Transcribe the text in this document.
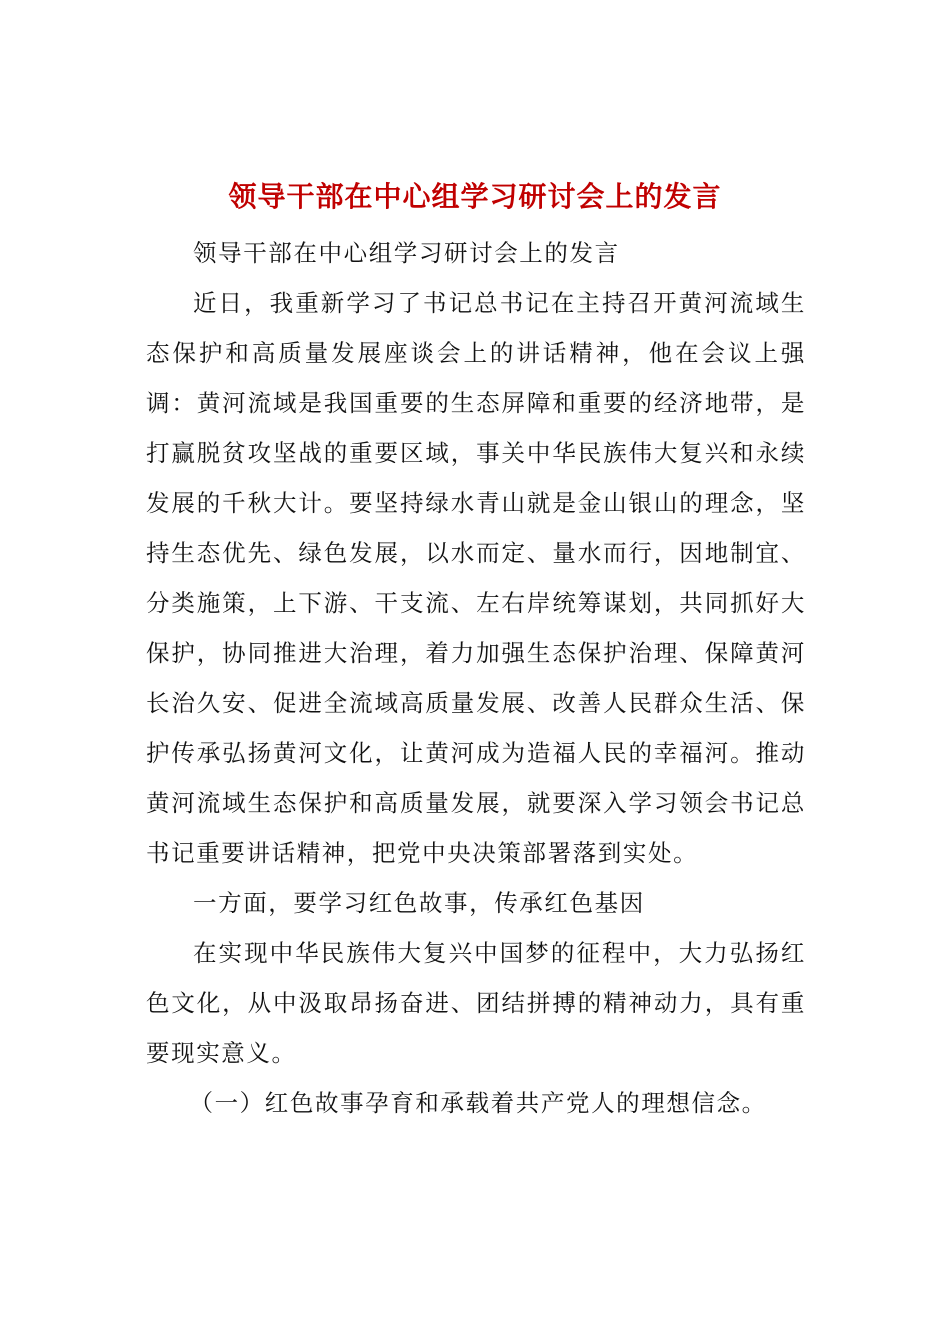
领导干部在中心组学习研讨会上的发言

领导干部在中心组学习研讨会上的发言

近日，我重新学习了书记总书记在主持召开黄河流域生态保护和高质量发展座谈会上的讲话精神，他在会议上强调：黄河流域是我国重要的生态屏障和重要的经济地带，是打赢脱贫攻坚战的重要区域，事关中华民族伟大复兴和永续发展的千秋大计。要坚持绿水青山就是金山银山的理念，坚持生态优先、绿色发展，以水而定、量水而行，因地制宜、分类施策，上下游、干支流、左右岸统筹谋划，共同抓好大保护，协同推进大治理，着力加强生态保护治理、保障黄河长治久安、促进全流域高质量发展、改善人民群众生活、保护传承弘扬黄河文化，让黄河成为造福人民的幸福河。推动黄河流域生态保护和高质量发展，就要深入学习领会书记总书记重要讲话精神，把党中央决策部署落到实处。

一方面，要学习红色故事，传承红色基因

在实现中华民族伟大复兴中国梦的征程中，大力弘扬红色文化，从中汲取昂扬奋进、团结拼搏的精神动力，具有重要现实意义。

（一）红色故事孕育和承载着共产党人的理想信念。
